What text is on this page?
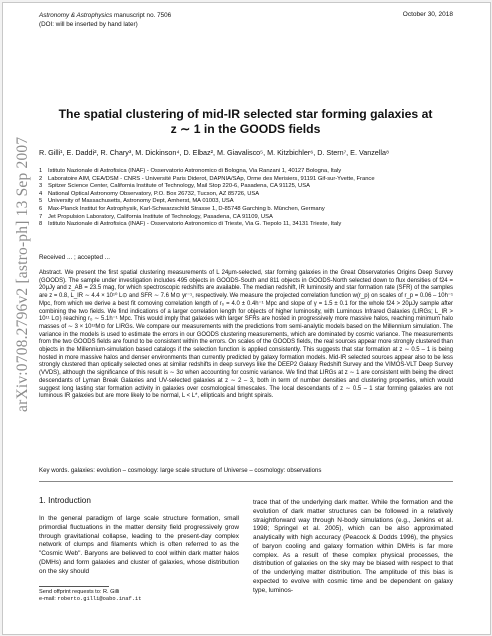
Astronomy & Astrophysics manuscript no. 7506
(DOI: will be inserted by hand later)
October 30, 2018
arXiv:0708.2796v2 [astro-ph] 13 Sep 2007
The spatial clustering of mid-IR selected star forming galaxies at
z ∼ 1 in the GOODS fields
R. Gilli¹, E. Daddi², R. Chary³, M. Dickinson⁴, D. Elbaz², M. Giavalisco⁵, M. Kitzbichler⁶, D. Stern⁷, E. Vanzella⁸
1 Istituto Nazionale di Astrofisica (INAF) - Osservatorio Astronomico di Bologna, Via Ranzani 1, 40127 Bologna, Italy
2 Laboratoire AIM, CEA/DSM - CNRS - Université Paris Diderot, DAPNIA/SAp, Orme des Merisiers, 91191 Gif-sur-Yvette, France
3 Spitzer Science Center, California Institute of Technology, Mail Stop 220-6, Pasadena, CA 91125, USA
4 National Optical Astronomy Observatory, P.O. Box 26732, Tucson, AZ 85726, USA
5 University of Massachusetts, Astronomy Dept, Amherst, MA 01003, USA
6 Max-Planck Institut for Astrophysik, Karl-Schwarzschild Strasse 1, D-85748 Garching b. München, Germany
7 Jet Propulsion Laboratory, California Institute of Technology, Pasadena, CA 91109, USA
8 Istituto Nazionale di Astrofisica (INAF) - Osservatorio Astronomico di Trieste, Via G. Tiepolo 11, 34131 Trieste, Italy
Received ... ; accepted ...
Abstract. We present the first spatial clustering measurements of L 24μm-selected, star forming galaxies in the Great Observatories Origins Deep Survey (GOODS). The sample under investigation includes 495 objects in GOODS-South and 811 objects in GOODS-North selected down to flux densities of f24 = 20μJy and z_AB = 23.5 mag, for which spectroscopic redshifts are available. The median redshift, IR luminosity and star formation rate (SFR) of the samples are z = 0.8, L_IR ∼ 4.4 × 10¹⁰ L⊙ and SFR ∼ 7.6 M⊙ yr⁻¹, respectively. We measure the projected correlation function w(r_p) on scales of r_p = 0.06 – 10h⁻¹ Mpc, from which we derive a best fit comoving correlation length of r₀ = 4.0 ± 0.4h⁻¹ Mpc and slope of γ = 1.5 ± 0.1 for the whole f24 > 20μJy sample after combining the two fields. We find indications of a larger correlation length for objects of higher luminosity, with Luminous Infrared Galaxies (LIRGs; L_IR > 10¹¹ L⊙) reaching r₀ ∼ 5.1h⁻¹ Mpc. This would imply that galaxies with larger SFRs are hosted in progressively more massive halos, reaching minimum halo masses of ∼ 3 × 10¹²M⊙ for LIRGs. We compare our measurements with the predictions from semi-analytic models based on the Millennium simulation. The variance in the models is used to estimate the errors in our GOODS clustering measurements, which are dominated by cosmic variance. The measurements from the two GOODS fields are found to be consistent within the errors. On scales of the GOODS fields, the real sources appear more strongly clustered than objects in the Millennium-simulation based catalogs if the selection function is applied consistently. This suggests that star formation at z ∼ 0.5 – 1 is being hosted in more massive halos and denser environments than currently predicted by galaxy formation models. Mid-IR selected sources appear also to be less strongly clustered than optically selected ones at similar redshifts in deep surveys like the DEEP2 Galaxy Redshift Survey and the VIMOS-VLT Deep Survey (VVDS), although the significance of this result is ∼ 3σ when accounting for cosmic variance. We find that LIRGs at z ∼ 1 are consistent with being the direct descendants of Lyman Break Galaxies and UV-selected galaxies at z ∼ 2 – 3, both in term of number densities and clustering properties, which would suggest long lasting star formation activity in galaxies over cosmological timescales. The local descendants of z ∼ 0.5 – 1 star forming galaxies are not luminous IR galaxies but are more likely to be normal, L < L*, ellipticals and bright spirals.
Key words. galaxies: evolution – cosmology: large scale structure of Universe – cosmology: observations
1. Introduction
In the general paradigm of large scale structure formation, small primordial fluctuations in the matter density field progressively grow through gravitational collapse, leading to the present-day complex network of clumps and filaments which is often referred to as the "Cosmic Web". Baryons are believed to cool within dark matter halos (DMHs) and form galaxies and cluster of galaxies, whose distribution on the sky should
trace that of the underlying dark matter. While the formation and the evolution of dark matter structures can be followed in a relatively straightforward way through N-body simulations (e.g., Jenkins et al. 1998; Springel et al. 2005), which can be also approximated analytically with high accuracy (Peacock & Dodds 1996), the physics of baryon cooling and galaxy formation within DMHs is far more complex. As a result of these complex physical processes, the distribution of galaxies on the sky may be biased with respect to that of the underlying matter distribution. The amplitude of this bias is expected to evolve with cosmic time and be dependent on galaxy type, luminos-
Send offprint requests to: R. Gilli
e-mail: roberto.gilli@oabo.inaf.it
